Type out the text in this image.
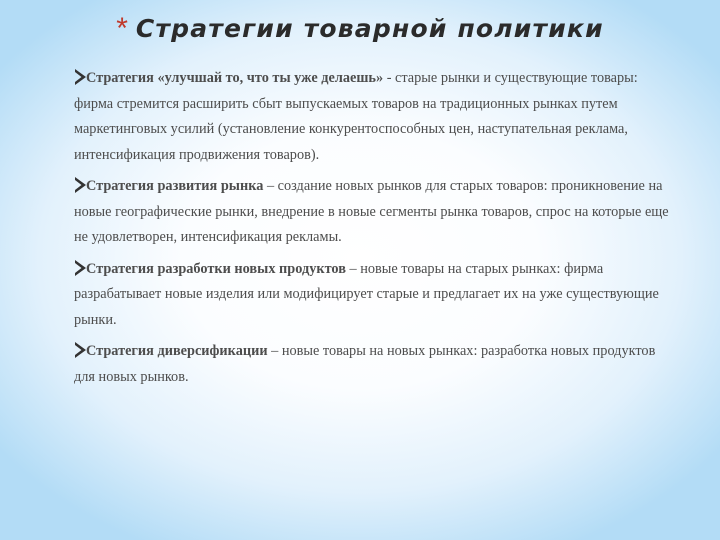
* Стратегии товарной политики

Стратегия «улучшай то, что ты уже делаешь» - старые рынки и существующие товары: фирма стремится расширить сбыт выпускаемых товаров на традиционных рынках путем маркетинговых усилий (установление конкурентоспособных цен, наступательная реклама, интенсификация продвижения товаров).

Стратегия развития рынка – создание новых рынков для старых товаров: проникновение на новые географические рынки, внедрение в новые сегменты рынка товаров, спрос на которые еще не удовлетворен, интенсификация рекламы.

Стратегия разработки новых продуктов – новые товары на старых рынках: фирма разрабатывает новые изделия или модифицирует старые и предлагает их на уже существующие рынки.

Стратегия диверсификации – новые товары на новых рынках: разработка новых продуктов для новых рынков.
